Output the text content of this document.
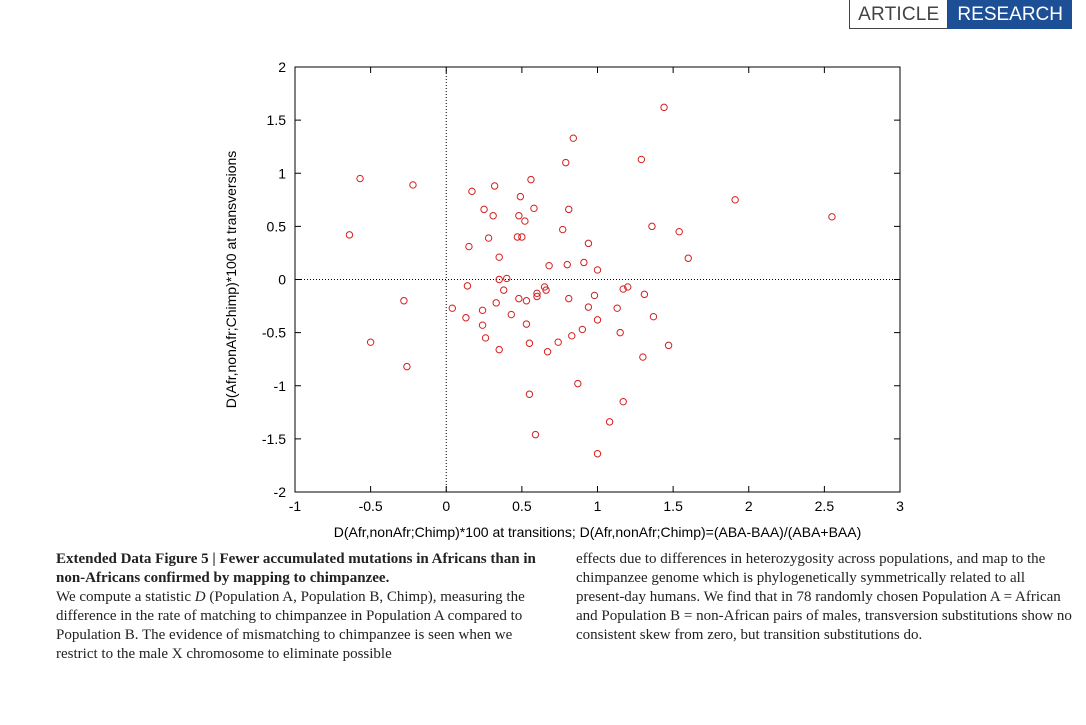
ARTICLE RESEARCH
-1	-0.5	0	0.5	1	1.5	2	2.5	3
-2
-1.5
-1
-0.5
0
0.5
1
1.5
2
D(Afr,nonAfr;Chimp)*100 at transitions; D(Afr,nonAfr;Chimp)=(ABA-BAA)/(ABA+BAA)
D(Afr,nonAfr;Chimp)*100 at transversions
Extended Data Figure 5 | Fewer accumulated mutations in Africans than in non-Africans confirmed by mapping to chimpanzee.
We compute a statistic D (Population A, Population B, Chimp), measuring the difference in the rate of matching to chimpanzee in Population A compared to Population B. The evidence of mismatching to chimpanzee is seen when we restrict to the male X chromosome to eliminate possible
effects due to differences in heterozygosity across populations, and map to the chimpanzee genome which is phylogenetically symmetrically related to all present-day humans. We find that in 78 randomly chosen Population A = African and Population B = non-African pairs of males, transversion substitutions show no consistent skew from zero, but transition substitutions do.
